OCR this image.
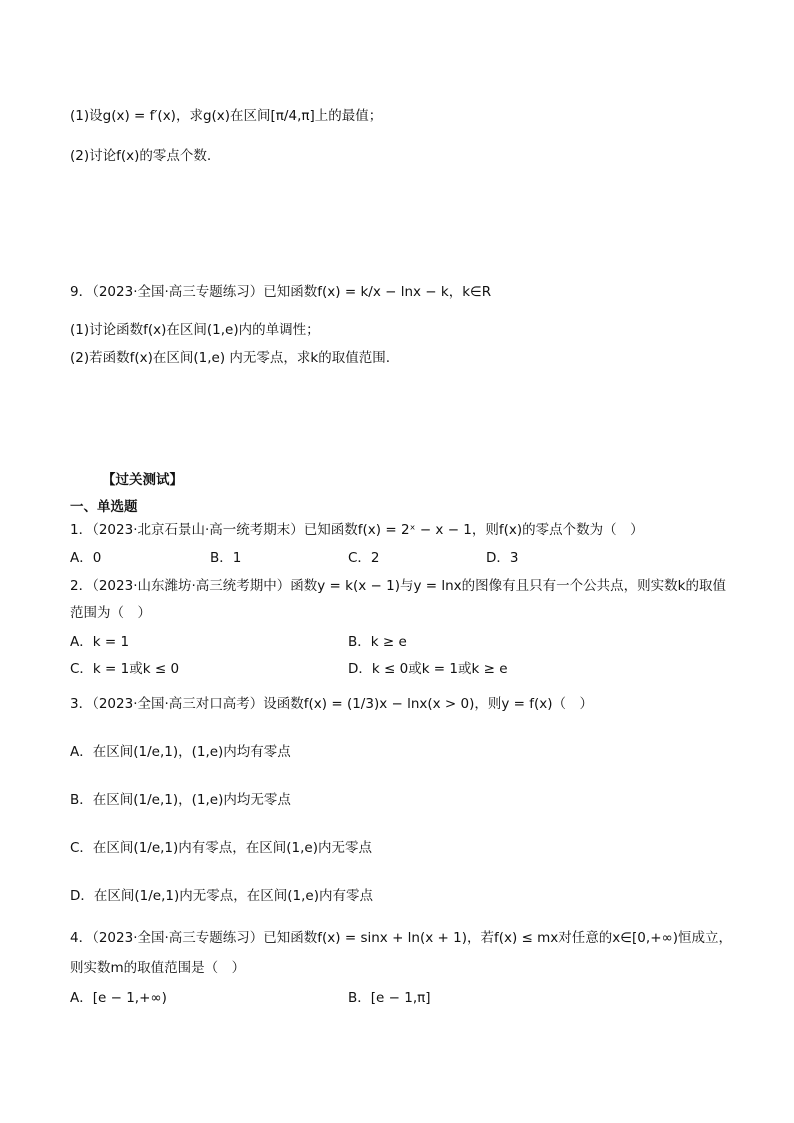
(1)设g(x) = f′(x)，求g(x)在区间[π/4,π]上的最值；
(2)讨论f(x)的零点个数.
9．（2023·全国·高三专题练习）已知函数f(x) = k/x − lnx − k，k∈R
(1)讨论函数f(x)在区间(1,e)内的单调性；
(2)若函数f(x)在区间(1,e) 内无零点，求k的取值范围.
【过关测试】
一、单选题
1．（2023·北京石景山·高一统考期末）已知函数f(x) = 2ˣ − x − 1，则f(x)的零点个数为（　）
A．0	B．1	C．2	D．3
2．（2023·山东潍坊·高三统考期中）函数y = k(x − 1)与y = lnx的图像有且只有一个公共点，则实数k的取值
范围为（　）
A．k = 1	B．k ≥ e
C．k = 1或k ≤ 0	D．k ≤ 0或k = 1或k ≥ e
3．（2023·全国·高三对口高考）设函数f(x) = (1/3)x − lnx(x > 0)，则y = f(x)（　）
A．在区间(1/e,1)，(1,e)内均有零点
B．在区间(1/e,1)，(1,e)内均无零点
C．在区间(1/e,1)内有零点，在区间(1,e)内无零点
D．在区间(1/e,1)内无零点，在区间(1,e)内有零点
4．（2023·全国·高三专题练习）已知函数f(x) = sinx + ln(x + 1)，若f(x) ≤ mx对任意的x∈[0,+∞)恒成立，
则实数m的取值范围是（　）
A．[e − 1,+∞)	B．[e − 1,π]
